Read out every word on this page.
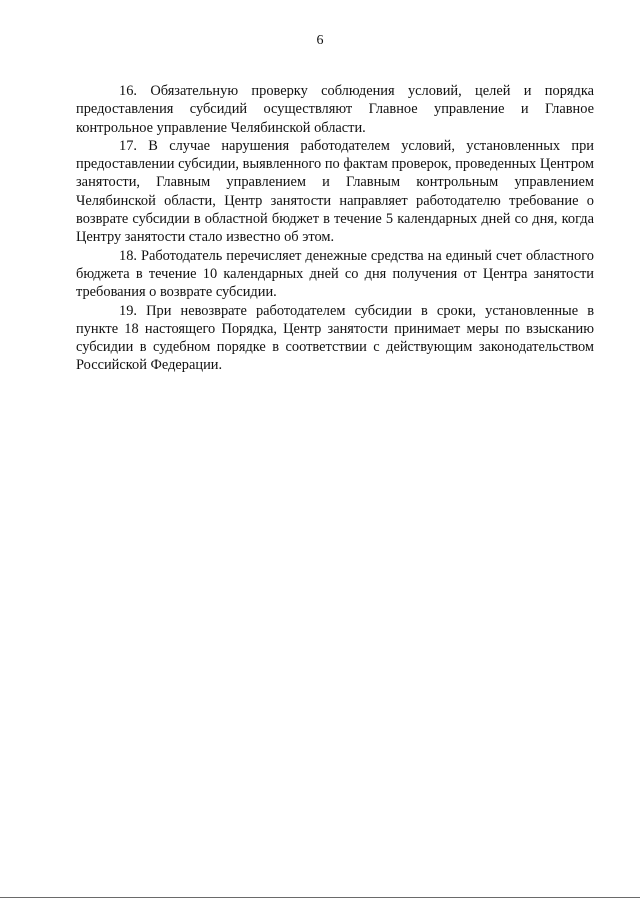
6

16. Обязательную проверку соблюдения условий, целей и порядка предоставления субсидий осуществляют Главное управление и Главное контрольное управление Челябинской области.

17. В случае нарушения работодателем условий, установленных при предоставлении субсидии, выявленного по фактам проверок, проведенных Центром занятости, Главным управлением и Главным контрольным управлением Челябинской области, Центр занятости направляет работодателю требование о возврате субсидии в областной бюджет в течение 5 календарных дней со дня, когда Центру занятости стало известно об этом.

18. Работодатель перечисляет денежные средства на единый счет областного бюджета в течение 10 календарных дней со дня получения от Центра занятости требования о возврате субсидии.

19. При невозврате работодателем субсидии в сроки, установленные в пункте 18 настоящего Порядка, Центр занятости принимает меры по взысканию субсидии в судебном порядке в соответствии с действующим законодательством Российской Федерации.
